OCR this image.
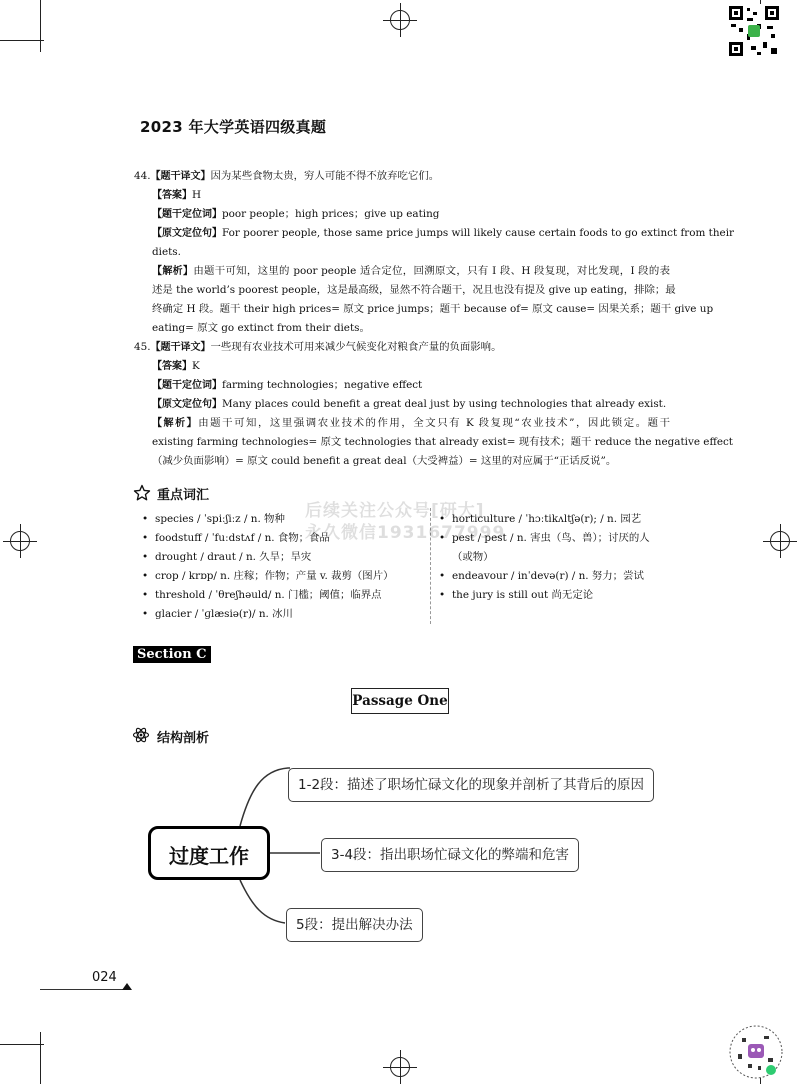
2023 年大学英语四级真题
44.【题干译文】因为某些食物太贵，穷人可能不得不放弃吃它们。
【答案】H
【题干定位词】poor people；high prices；give up eating
【原文定位句】For poorer people, those same price jumps will likely cause certain foods to go extinct from their
diets.
【解析】由题干可知，这里的 poor people 适合定位，回溯原文，只有 I 段、H 段复现，对比发现，I 段的表
述是 the world’s poorest people，这是最高级，显然不符合题干，况且也没有提及 give up eating，排除；最
终确定 H 段。题干 their high prices= 原文 price jumps；题干 because of= 原文 cause= 因果关系；题干 give up
eating= 原文 go extinct from their diets。
45.【题干译文】一些现有农业技术可用来减少气候变化对粮食产量的负面影响。
【答案】K
【题干定位词】farming technologies；negative effect
【原文定位句】Many places could benefit a great deal just by using technologies that already exist.
【解析】由题干可知，这里强调农业技术的作用，全文只有 K 段复现“农业技术”，因此锁定。题干
existing farming technologies= 原文 technologies that already exist= 现有技术；题干 reduce the negative effect
（减少负面影响）= 原文 could benefit a great deal（大受裨益）= 这里的对应属于“正话反说”。
重点词汇
• species / ˈspiːʃiːz / n. 物种
• foodstuff / ˈfuːdstʌf / n. 食物；食品
• drought / draut / n. 久旱；旱灾
• crop / krɒp/ n. 庄稼；作物；产量 v. 裁剪（图片）
• threshold / ˈθreʃhəuld/ n. 门槛；阈值；临界点
• glacier / ˈɡlæsiə(r)/ n. 冰川
• horticulture / ˈhɔːtikʌltʃə(r); / n. 园艺
• pest / pest / n. 害虫（鸟、兽）；讨厌的人
（或物）
• endeavour / inˈdevə(r) / n. 努力；尝试
• the jury is still out 尚无定论
后续关注公众号[研大]
永久微信1931677999
Section C
Passage One
结构剖析
过度工作
1-2段：描述了职场忙碌文化的现象并剖析了其背后的原因
3-4段：指出职场忙碌文化的弊端和危害
5段：提出解决办法
024
